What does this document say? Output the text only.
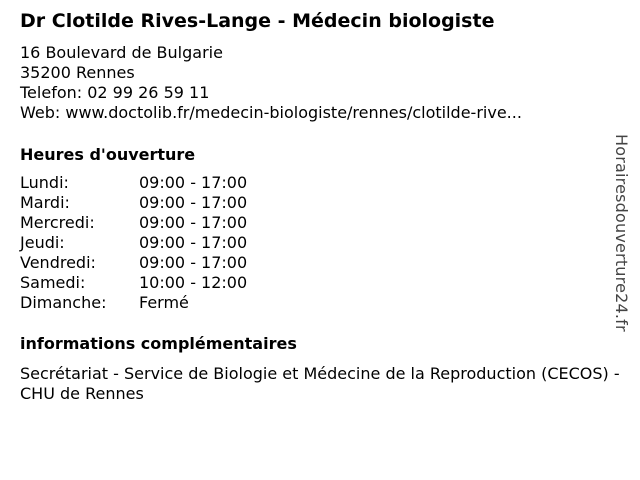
Dr Clotilde Rives-Lange - Médecin biologiste
16 Boulevard de Bulgarie
35200 Rennes
Telefon: 02 99 26 59 11
Web: www.doctolib.fr/medecin-biologiste/rennes/clotilde-rive...
Heures d'ouverture
Lundi:	09:00 - 17:00
Mardi:	09:00 - 17:00
Mercredi:	09:00 - 17:00
Jeudi:	09:00 - 17:00
Vendredi:	09:00 - 17:00
Samedi:	10:00 - 12:00
Dimanche: Fermé
informations complémentaires
Secrétariat - Service de Biologie et Médecine de la Reproduction (CECOS) - CHU de Rennes
Horairesdouverture24.fr
